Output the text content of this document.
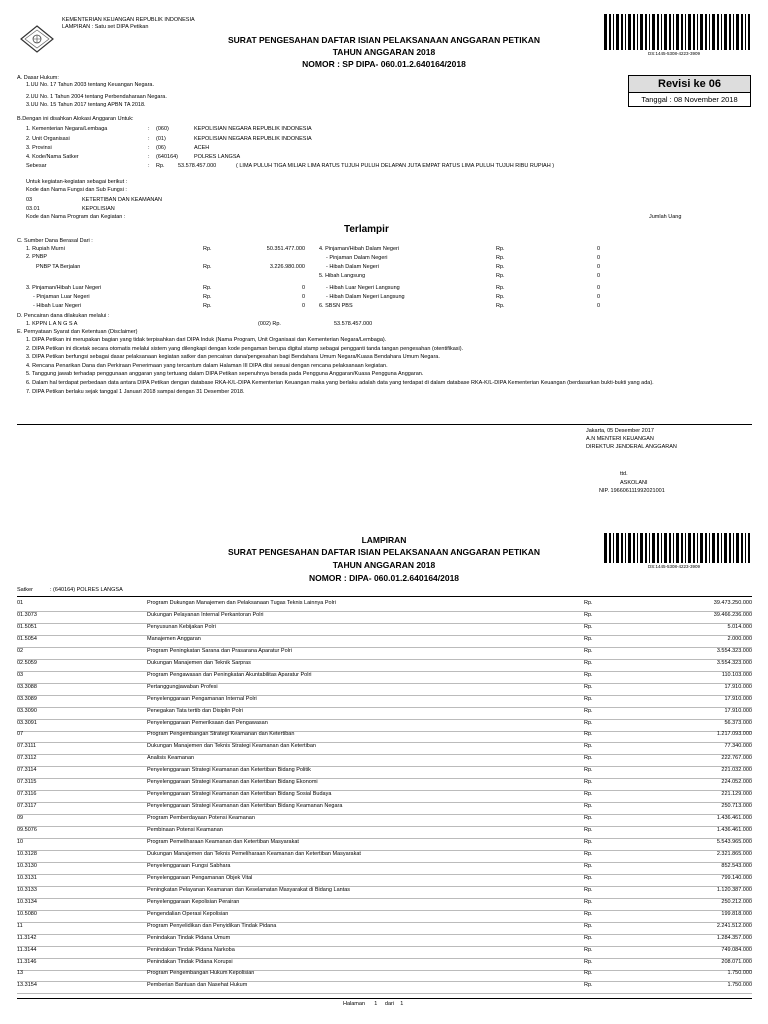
KEMENTERIAN KEUANGAN REPUBLIK INDONESIA
LAMPIRAN : Satu set DIPA Petikan
SURAT PENGESAHAN DAFTAR ISIAN PELAKSANAAN ANGGARAN PETIKAN
TAHUN ANGGARAN 2018
NOMOR : SP DIPA- 060.01.2.640164/2018
DS:1445-5308-4223-3909
Revisi ke 06
Tanggal : 08 November 2018
A. Dasar Hukum:
1.UU No. 17 Tahun 2003 tentang Keuangan Negara.
2.UU No. 1 Tahun 2004 tentang Perbendaharaan Negara.
3.UU No. 15 Tahun 2017 tentang APBN TA 2018.
B.Dengan ini disahkan Alokasi Anggaran Untuk:
1. Kementerian Negara/Lembaga	: (060)	KEPOLISIAN NEGARA REPUBLIK INDONESIA
2. Unit Organisasi	: (01)	KEPOLISIAN NEGARA REPUBLIK INDONESIA
3. Provinsi	: (06)	ACEH
4. Kode/Nama Satker	: (640164)	POLRES LANGSA
Sebesar	: Rp. 53.578.457.000	( LIMA PULUH TIGA MILIAR LIMA RATUS TUJUH PULUH DELAPAN JUTA EMPAT RATUS LIMA PULUH TUJUH RIBU RUPIAH )
Untuk kegiatan-kegiatan sebagai berikut :
Kode dan Nama Fungsi dan Sub Fungsi :
03	KETERTIBAN DAN KEAMANAN
03.01	KEPOLISIAN
Kode dan Nama Program dan Kegiatan :	Jumlah Uang
Terlampir
C. Sumber Dana Berasal Dari :
1. Rupiah Murni	Rp.	50.351.477.000
2. PNBP
PNBP TA Berjalan	Rp.	3.226.980.000
3. Pinjaman/Hibah Luar Negeri	Rp.	0
- Pinjaman Luar Negeri	Rp.	0
- Hibah Luar Negeri	Rp.	0
4. Pinjaman/Hibah Dalam Negeri	Rp.	0
- Pinjaman Dalam Negeri	Rp.	0
- Hibah Dalam Negeri	Rp.	0
5. Hibah Langsung	Rp.	0
- Hibah Luar Negeri Langsung	Rp.	0
- Hibah Dalam Negeri Langsung	Rp.	0
6. SBSN PBS	Rp.	0
D. Pencairan dana dilakukan melalui :
1. KPPN L A N G S A	(002) Rp.	53.578.457.000
E. Pernyataan Syarat dan Ketentuan (Disclaimer)
1. DIPA Petikan ini merupakan bagian yang tidak terpisahkan dari DIPA Induk (Nama Program, Unit Organisasi dan Kementerian Negara/Lembaga).
2. DIPA Petikan ini dicetak secara otomatis melalui sistem yang dilengkapi dengan kode pengaman berupa digital stamp sebagai pengganti tanda tangan pengesahan (otentifikasi).
3. DIPA Petikan berfungsi sebagai dasar pelaksanaan kegiatan satker dan pencairan dana/pengesahan bagi Bendahara Umum Negara/Kuasa Bendahara Umum Negara.
4. Rencana Penarikan Dana dan Perkiraan Penerimaan yang tercantum dalam Halaman III DIPA diisi sesuai dengan rencana pelaksanaan kegiatan.
5. Tanggung jawab terhadap penggunaan anggaran yang tertuang dalam DIPA Petikan sepenuhnya berada pada Pengguna Anggaran/Kuasa Pengguna Anggaran.
6. Dalam hal terdapat perbedaan data antara DIPA Petikan dengan database RKA-K/L-DIPA Kementerian Keuangan maka yang berlaku adalah data yang terdapat di dalam database RKA-K/L-DIPA Kementerian Keuangan (berdasarkan bukti-bukti yang ada).
7. DIPA Petikan berlaku sejak tanggal 1 Januari 2018 sampai dengan 31 Desember 2018.
Jakarta, 05 Desember 2017
A.N MENTERI KEUANGAN
DIREKTUR JENDERAL ANGGARAN
ttd.
ASKOLANI
NIP. 196606111992021001
LAMPIRAN
SURAT PENGESAHAN DAFTAR ISIAN PELAKSANAAN ANGGARAN PETIKAN
TAHUN ANGGARAN 2018
NOMOR : DIPA- 060.01.2.640164/2018
DS:1445-5308-4223-3909
Satker	: (640164) POLRES LANGSA
01	Program Dukungan Manajemen dan Pelaksanaan Tugas Teknis Lainnya Polri	Rp.	39.473.250.000
01.3073	Dukungan Pelayanan Internal Perkantoran Polri	Rp.	39.466.236.000
01.5051	Penyusunan Kebijakan Polri	Rp.	5.014.000
01.5054	Manajemen Anggaran	Rp.	2.000.000
02	Program Peningkatan Sarana dan Prasarana Aparatur Polri	Rp.	3.554.323.000
02.5059	Dukungan Manajemen dan Teknik Sarpras	Rp.	3.554.323.000
03	Program Pengawasan dan Peningkatan Akuntabilitas Aparatur Polri	Rp.	110.103.000
03.3088	Pertanggungjawaban Profesi	Rp.	17.910.000
03.3089	Penyelenggaraan Pengamanan Internal Polri	Rp.	17.910.000
03.3090	Penegakan Tata tertib dan Disiplin Polri	Rp.	17.910.000
03.3091	Penyelenggaraan Pemeriksaan dan Pengawasan	Rp.	56.373.000
07	Program Pengembangan Strategi Keamanan dan Ketertiban	Rp.	1.217.093.000
07.3111	Dukungan Manajemen dan Teknis Strategi Keamanan dan Ketertiban	Rp.	77.340.000
07.3112	Analisis Keamanan	Rp.	222.767.000
07.3114	Penyelenggaraan Strategi Keamanan dan Ketertiban Bidang Politik	Rp.	221.032.000
07.3115	Penyelenggaraan Strategi Keamanan dan Ketertiban Bidang Ekonomi	Rp.	224.052.000
07.3116	Penyelenggaraan Strategi Keamanan dan Ketertiban Bidang Sosial Budaya	Rp.	221.129.000
07.3117	Penyelenggaraan Strategi Keamanan dan Ketertiban Bidang Keamanan Negara	Rp.	250.713.000
09	Program Pemberdayaan Potensi Keamanan	Rp.	1.436.461.000
09.5076	Pembinaan Potensi Keamanan	Rp.	1.436.461.000
10	Program Pemeliharaan Keamanan dan Ketertiban Masyarakat	Rp.	5.543.965.000
10.3128	Dukungan Manajemen dan Teknis Pemeliharaan Keamanan dan Ketertiban Masyarakat	Rp.	2.321.865.000
10.3130	Penyelenggaraan Fungsi Sabhara	Rp.	852.543.000
10.3131	Penyelenggaraan Pengamanan Objek Vital	Rp.	799.140.000
10.3133	Peningkatan Pelayanan Keamanan dan Keselamatan Masyarakat di Bidang Lantas	Rp.	1.120.387.000
10.3134	Penyelenggaraan Kepolisian Perairan	Rp.	250.212.000
10.5080	Pengendalian Operasi Kepolisian	Rp.	199.818.000
11	Program Penyelidikan dan Penyidikan Tindak Pidana	Rp.	2.241.512.000
11.3142	Penindakan Tindak Pidana Umum	Rp.	1.284.357.000
11.3144	Penindakan Tindak Pidana Narkoba	Rp.	749.084.000
11.3146	Penindakan Tindak Pidana Korupsi	Rp.	208.071.000
13	Program Pengembangan Hukum Kepolisian	Rp.	1.750.000
13.3154	Pemberian Bantuan dan Nasehat Hukum	Rp.	1.750.000
Halaman 1 dari 1
